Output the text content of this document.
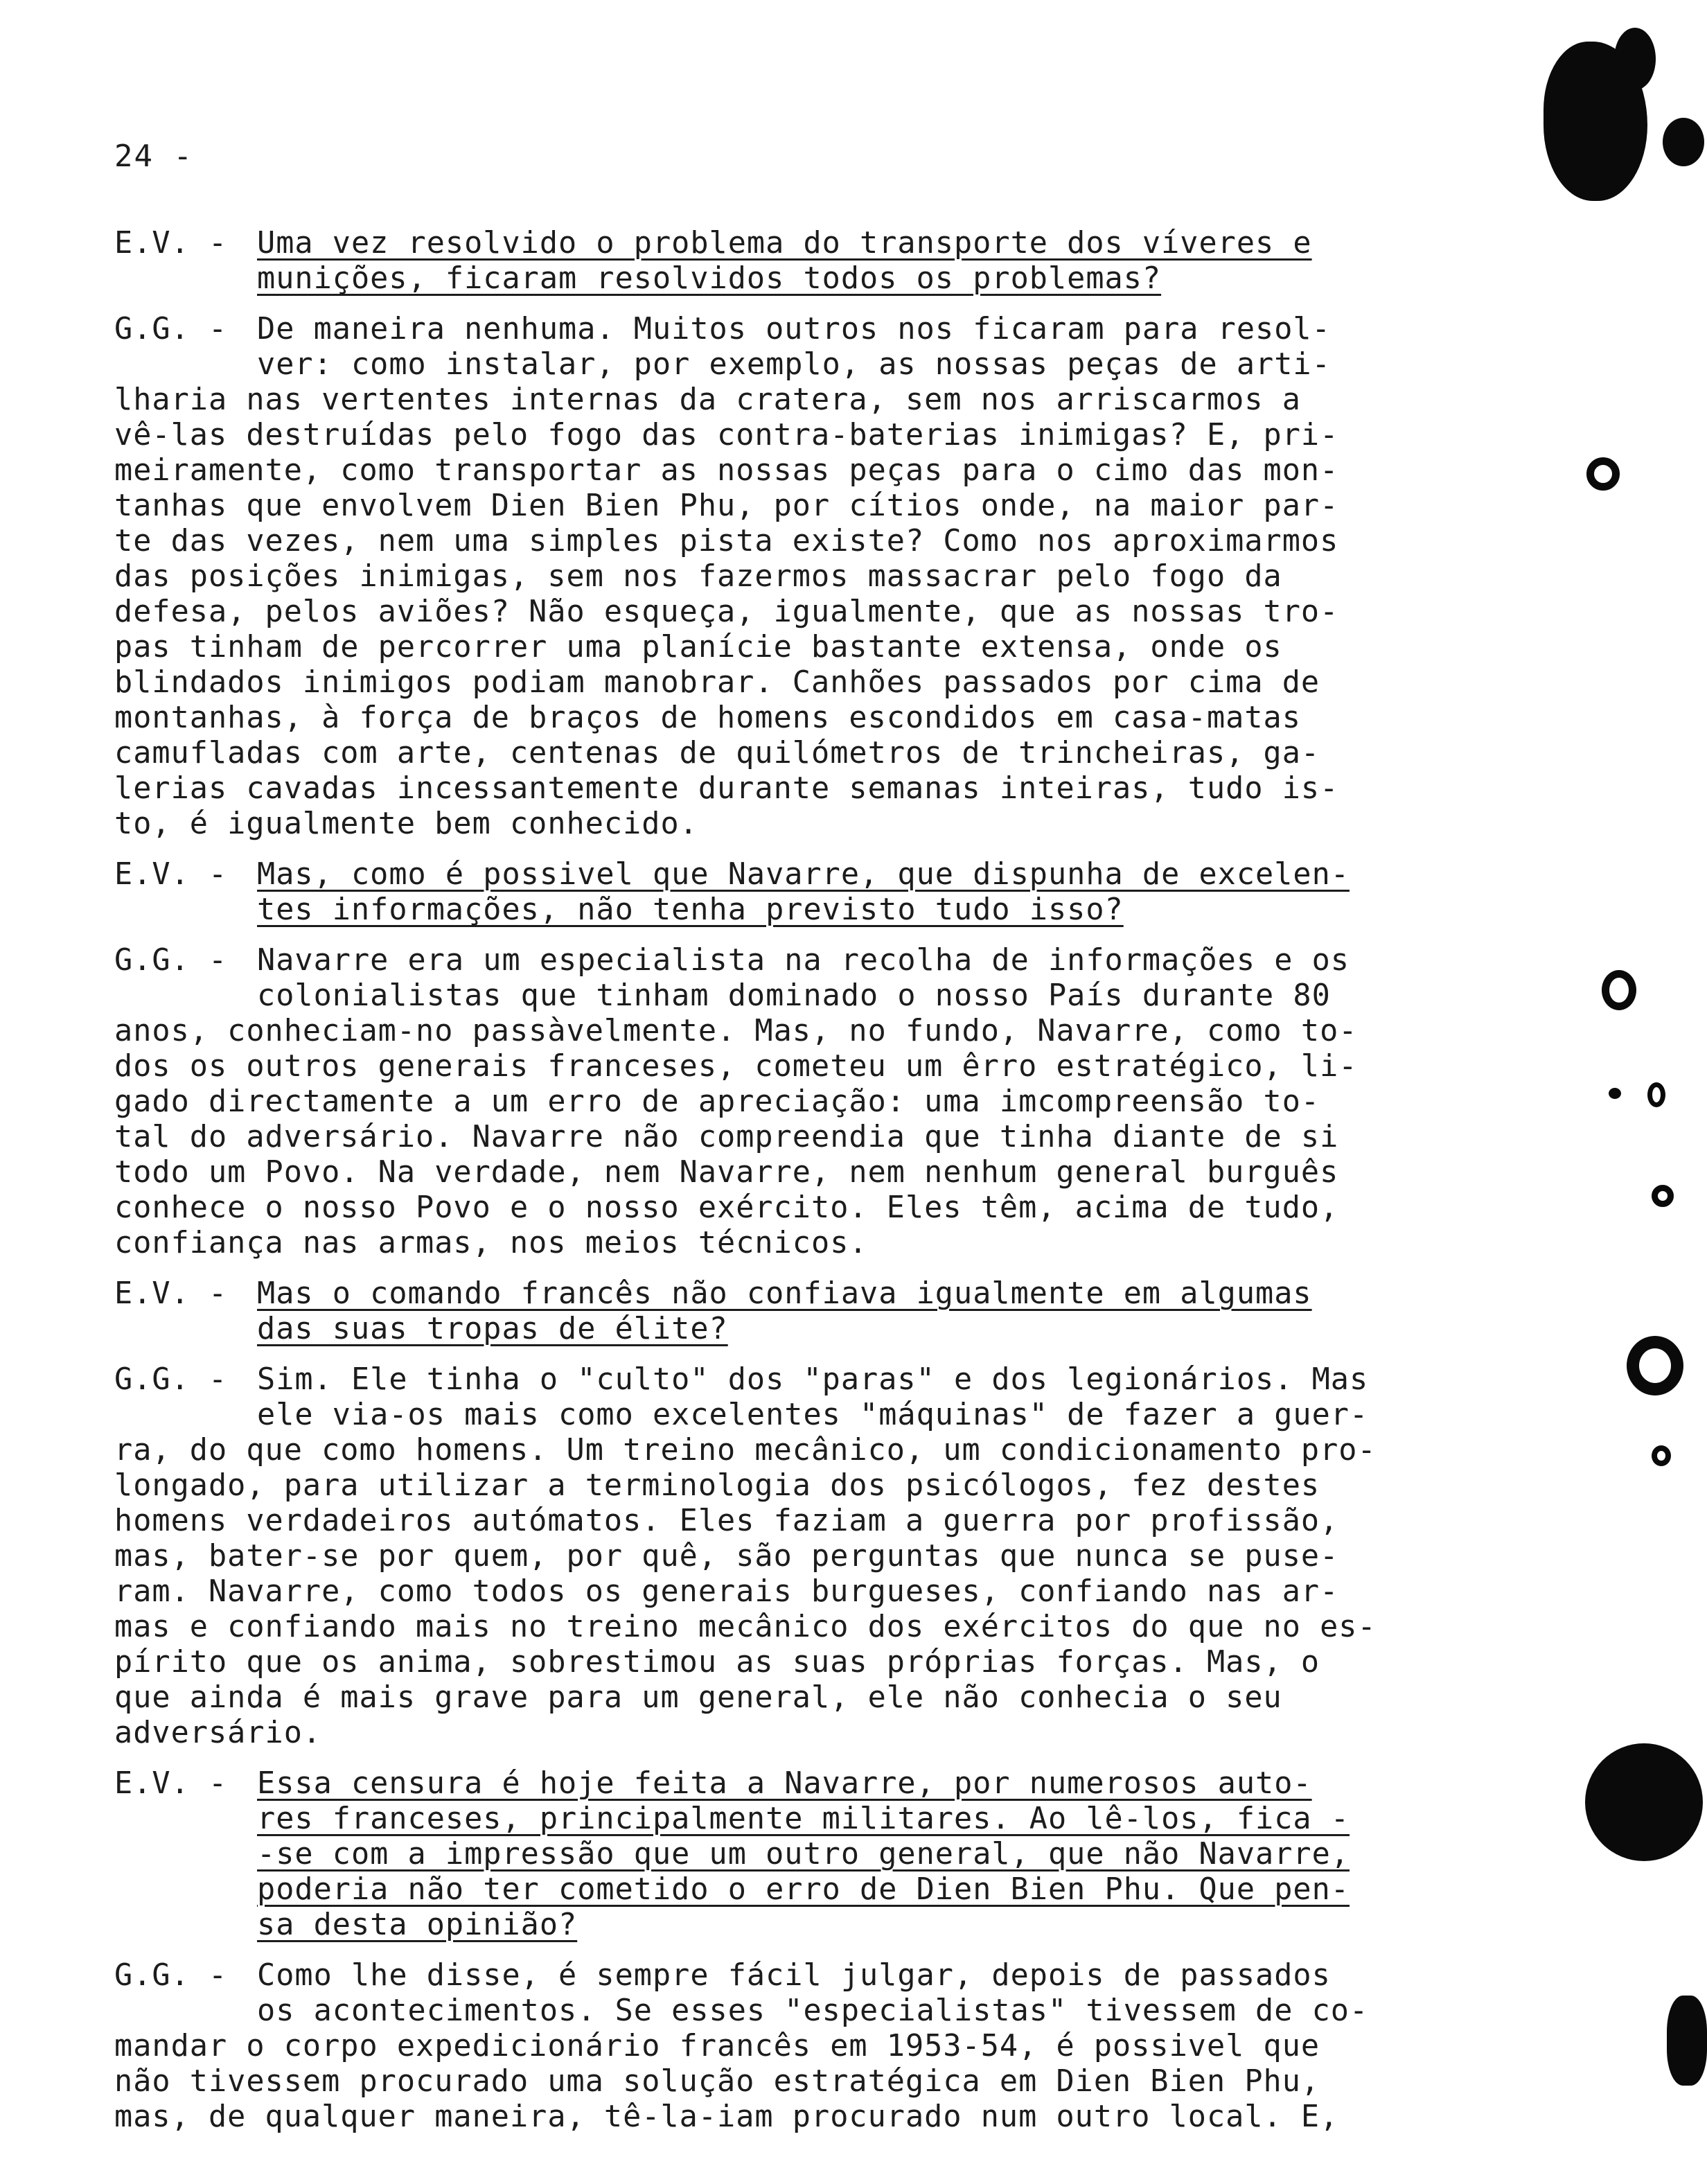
24 -
E.V. - Uma vez resolvido o problema do transporte dos víveres e
munições, ficaram resolvidos todos os problemas?
G.G. - De maneira nenhuma. Muitos outros nos ficaram para resol-
ver: como instalar, por exemplo, as nossas peças de arti-
lharia nas vertentes internas da cratera, sem nos arriscarmos a
vê-las destruídas pelo fogo das contra-baterias inimigas? E, pri-
meiramente, como transportar as nossas peças para o cimo das mon-
tanhas que envolvem Dien Bien Phu, por cítios onde, na maior par-
te das vezes, nem uma simples pista existe? Como nos aproximarmos
das posições inimigas, sem nos fazermos massacrar pelo fogo da
defesa, pelos aviões? Não esqueça, igualmente, que as nossas tro-
pas tinham de percorrer uma planície bastante extensa, onde os
blindados inimigos podiam manobrar. Canhões passados por cima de
montanhas, à força de braços de homens escondidos em casa-matas
camufladas com arte, centenas de quilómetros de trincheiras, ga-
lerias cavadas incessantemente durante semanas inteiras, tudo is-
to, é igualmente bem conhecido.
E.V. - Mas, como é possivel que Navarre, que dispunha de excelen-
tes informações, não tenha previsto tudo isso?
G.G. - Navarre era um especialista na recolha de informações e os
colonialistas que tinham dominado o nosso País durante 80
anos, conheciam-no passàvelmente. Mas, no fundo, Navarre, como to-
dos os outros generais franceses, cometeu um êrro estratégico, li-
gado directamente a um erro de apreciação: uma imcompreensão to-
tal do adversário. Navarre não compreendia que tinha diante de si
todo um Povo. Na verdade, nem Navarre, nem nenhum general burguês
conhece o nosso Povo e o nosso exército. Eles têm, acima de tudo,
confiança nas armas, nos meios técnicos.
E.V. - Mas o comando francês não confiava igualmente em algumas
das suas tropas de élite?
G.G. - Sim. Ele tinha o "culto" dos "paras" e dos legionários. Mas
ele via-os mais como excelentes "máquinas" de fazer a guer-
ra, do que como homens. Um treino mecânico, um condicionamento pro-
longado, para utilizar a terminologia dos psicólogos, fez destes
homens verdadeiros autómatos. Eles faziam a guerra por profissão,
mas, bater-se por quem, por quê, são perguntas que nunca se puse-
ram. Navarre, como todos os generais burgueses, confiando nas ar-
mas e confiando mais no treino mecânico dos exércitos do que no es-
pírito que os anima, sobrestimou as suas próprias forças. Mas, o
que ainda é mais grave para um general, ele não conhecia o seu
adversário.
E.V. - Essa censura é hoje feita a Navarre, por numerosos auto-
res franceses, principalmente militares. Ao lê-los, fica -
-se com a impressão que um outro general, que não Navarre,
poderia não ter cometido o erro de Dien Bien Phu. Que pen-
sa desta opinião?
G.G. - Como lhe disse, é sempre fácil julgar, depois de passados
os acontecimentos. Se esses "especialistas" tivessem de co-
mandar o corpo expedicionário francês em 1953-54, é possivel que
não tivessem procurado uma solução estratégica em Dien Bien Phu,
mas, de qualquer maneira, tê-la-iam procurado num outro local. E,
